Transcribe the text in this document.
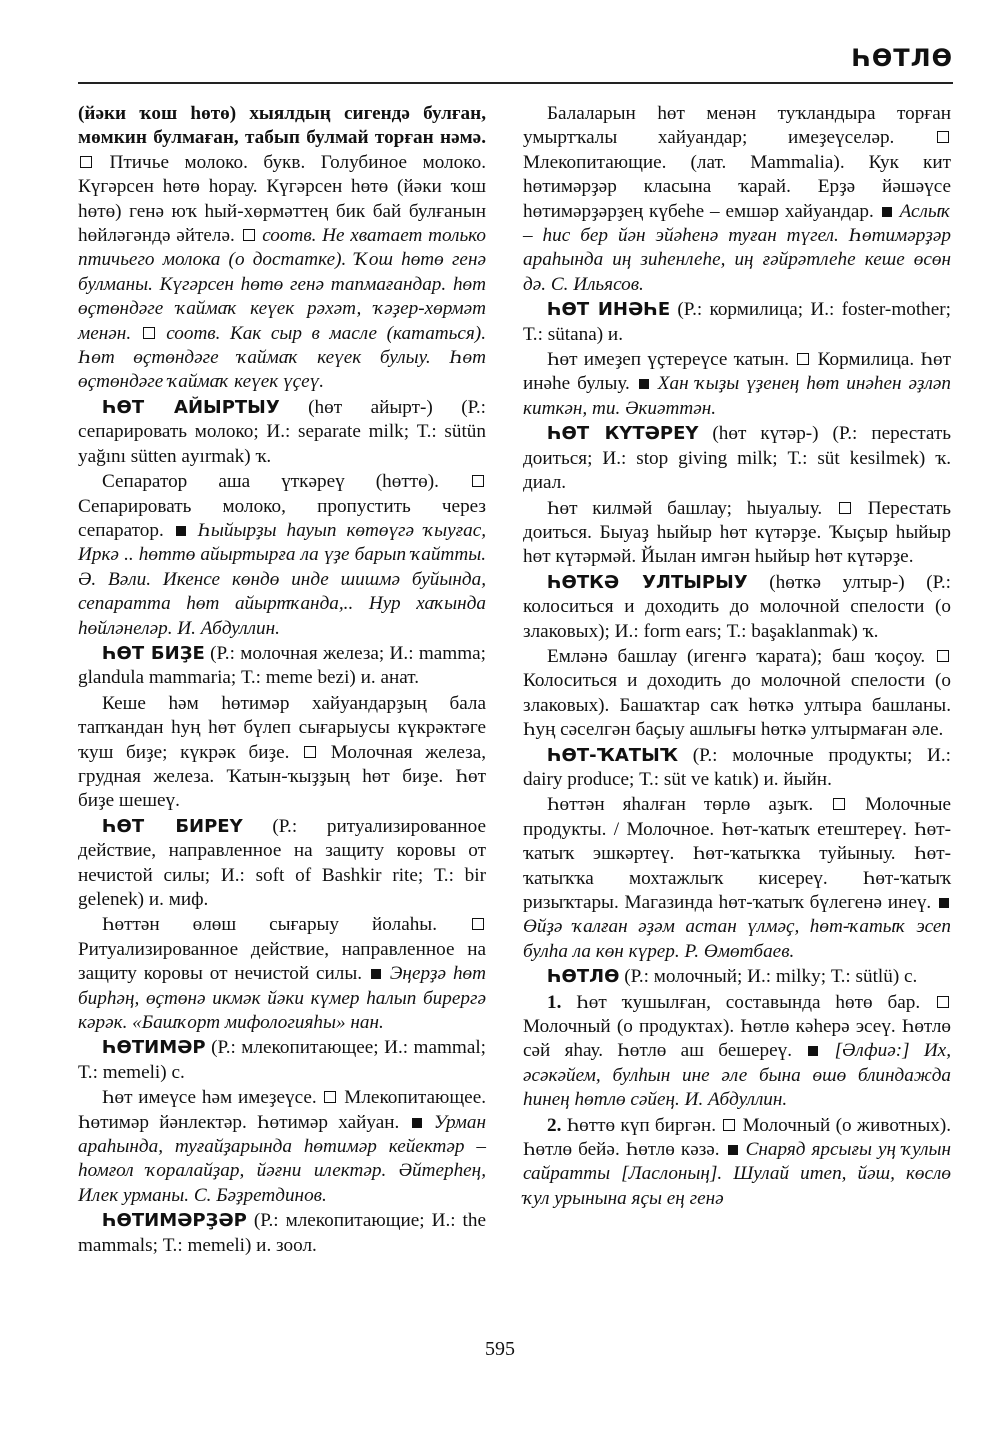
ҺӨТЛӨ

(йәки ҡош һөтө) хыялдың сигендә булған, мөмкин булмаған, табып булмай торған нәмә.  Птичье молоко. букв. Голубиное молоко. Күгәрсен һөтө һорау. Күгәрсен һөтө (йәки ҡош һөтө) генә юҡ һый-хөрмәттең бик бай булғанын һөйләгәндә әйтелә. соотв. Не хватает только птичьего молока (о достатке). Ҡош һөтө генә булманы. Күгәрсен һөтө генә тапмағандар. һөт өҫтөндәге ҡаймаҡ кеүек рәхәт, ҡәҙер-хөрмәт менән. соотв. Как сыр в масле (кататься). Һөт өҫтөндәге ҡаймаҡ кеүек булыу. Һөт өҫтөндәге ҡаймаҡ кеүек үҫеү.

ҺӨТ АЙЫРТЫУ (һөт айырт-) (Р.: сепарировать молоко; И.: separate milk; Т.: sütün yağını sütten ayırmak) ҡ.

Сепаратор аша үткәреү (һөттө).  Сепарировать молоко, пропустить через сепаратор. Һыйырҙы һауып көтөүгә ҡыуғас, Иркә .. һөттө айыртырға ла үҙе барып ҡайтты. Ә. Вәли. Икенсе көндө инде шишмә буйында, сепаратта һөт айыртҡанда,.. Нур хаҡында һөйләнеләр. И. Абдуллин.

ҺӨТ БИҘЕ (Р.: молочная железа; И.: mamma; glandula mammaria; Т.: meme bezi) и. анат.

Кеше һәм һөтимәр хайуандарҙың бала тапҡандан һуң һөт бүлеп сығарыусы күкрәктәге ҡуш биҙе; күкрәк биҙе. Молочная железа, грудная железа. Ҡатын-ҡыҙҙың һөт биҙе. Һөт биҙе шешеү.

ҺӨТ БИРЕҮ (Р.: ритуализированное действие, направленное на защиту коровы от нечистой силы; И.: soft of Bashkir rite; Т.: bir gelenek) и. миф.

Һөттән өлөш сығарыу йолаһы.  Ритуализированное действие, направленное на защиту коровы от нечистой силы. Эңерҙә һөт бирһәң, өҫтөнә икмәк йәки күмер һалып бирергә кәрәк. «Башҡорт мифологияһы» нан.

ҺӨТИМӘР (Р.: млекопитающее; И.: mammal; Т.: memeli) с.

Һөт имеүсе һәм имеҙеүсе. Млекопитающее. Һөтимәр йәнлектәр. Һөтимәр хайуан. Урман араһында, туғайҙарында һөтимәр кейектәр – һомғол ҡоралайҙар, йәғни илектәр. Әйтерһең, Илек урманы. С. Бәҙретдинов.

ҺӨТИМӘРҘӘР (Р.: млекопитающие; И.: the mammals; Т.: memeli) и. зоол.

Балаларын һөт менән туҡландыра торған умыртҡалы хайуандар; имеҙеүселәр.  Млекопитающие. (лат. Mammalia). Кук кит һөтимәрҙәр класына ҡарай. Ерҙә йәшәүсе һөтимәрҙәрҙең күбеһе – емшәр хайуандар. Аслыҡ – һис бер йән эйәһенә туған түгел. Һөтимәрҙәр араһында иң зиһенлеһе, иң ғәйрәтлеһе кеше өсөн дә. С. Ильясов.

ҺӨТ ИНӘҺЕ (Р.: кормилица; И.: foster-mother; Т.: sütana) и.

Һөт имеҙеп үҫтереүсе ҡатын. Кормилица. Һөт инәһе булыу. Хан ҡыҙы үҙенең һөт инәһен әҙләп киткән, ти. Әкиәттән.

ҺӨТ КҮТӘРЕҮ (һөт күтәр-) (Р.: перестать доиться; И.: stop giving milk; Т.: süt kesilmek) ҡ. диал.

Һөт килмәй башлау; һыуалыу. Перестать доиться. Быуаҙ һыйыр һөт күтәрҙе. Ҡыҫыр һыйыр һөт күтәрмәй. Йылан имгән һыйыр һөт күтәрҙе.

ҺӨТКӘ УЛТЫРЫУ (һөткә ултыр-) (Р.: колоситься и доходить до молочной спелости (о злаковых); И.: form ears; Т.: başaklanmak) ҡ.

Емләнә башлау (игенгә ҡарата); баш ҡоҫоу.  Колоситься и доходить до молочной спелости (о злаковых). Башаҡтар саҡ һөткә ултыра башланы. Һуң сәселгән баҫыу ашлығы һөткә ултырмаған әле.

ҺӨТ-ҠАТЫҠ (Р.: молочные продукты; И.: dairy produce; Т.: süt ve katık) и. йыйн.

Һөттән яһалған төрлө аҙыҡ.	Молочные продукты. / Молочное. Һөт-ҡатыҡ етештереү. Һөт-ҡатыҡ эшкәртеү. Һөт-ҡатыҡҡа туйыныу. Һөт-ҡатыҡҡа мохтажлыҡ кисереү. Һөт-ҡатыҡ ризыҡтары. Магазинда һөт-ҡатыҡ бүлегенә инеү.  Өйҙә ҡалған әҙәм астан үлмәҫ, һөт-ҡатыҡ эсеп булһа ла көн күрер. Р. Өмөтбаев.

ҺӨТЛӨ (Р.: молочный; И.: milky; Т.: sütlü) с.

1. Һөт ҡушылған, составында һөтө бар.  Молочный (о продуктах). Һөтлө кәһерә эсеү. Һөтлө сәй яһау. Һөтлө аш бешереү. [Әлфиә:] Их, әсәкәйем, булһын ине әле бына өшө блиндажда һинең һөтлө сәйең. И. Абдуллин.

2. Һөттө күп биргән. Молочный (о животных). Һөтлө бейә. Һөтлө кәзә. Снаряд ярсығы уң ҡулын сайратты [Ласлоның]. Шулай итеп, йәш, көслө ҡул урынына яҫы ең генә

595
